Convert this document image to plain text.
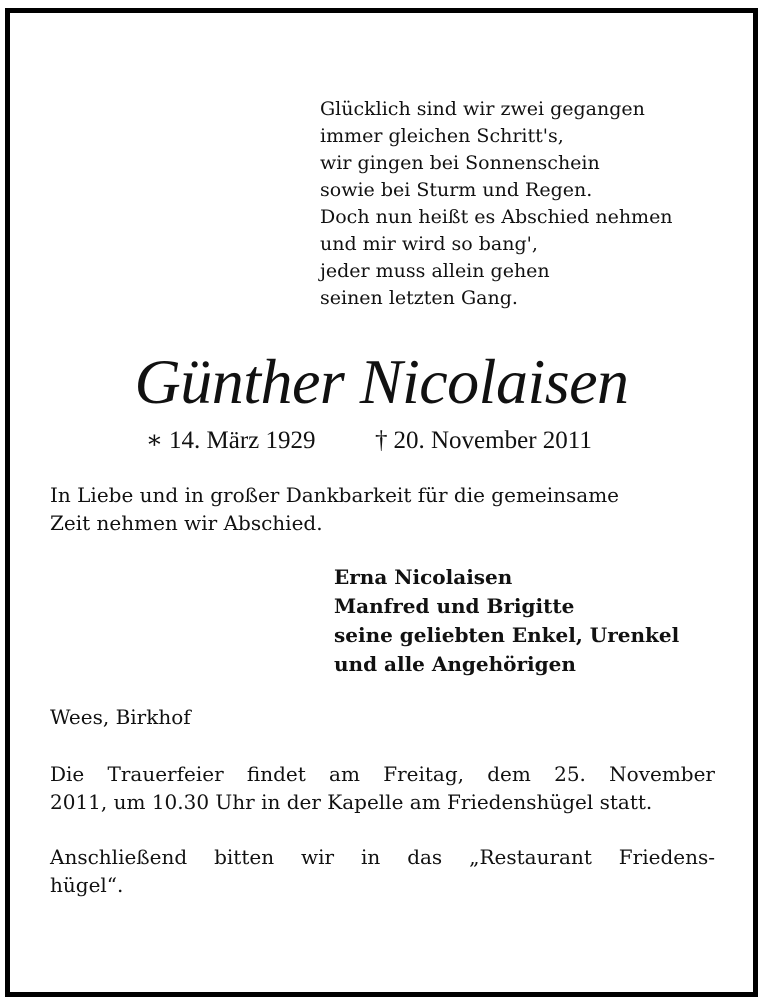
Glücklich sind wir zwei gegangen
immer gleichen Schritt's,
wir gingen bei Sonnenschein
sowie bei Sturm und Regen.
Doch nun heißt es Abschied nehmen
und mir wird so bang',
jeder muss allein gehen
seinen letzten Gang.
Günther Nicolaisen
∗ 14. März 1929 † 20. November 2011

In Liebe und in großer Dankbarkeit für die gemeinsame
Zeit nehmen wir Abschied.

Erna Nicolaisen
Manfred und Brigitte
seine geliebten Enkel, Urenkel
und alle Angehörigen

Wees, Birkhof

Die Trauerfeier findet am Freitag, dem 25. November
2011, um 10.30 Uhr in der Kapelle am Friedenshügel statt.

Anschließend bitten wir in das „Restaurant Friedens-
hügel“.
